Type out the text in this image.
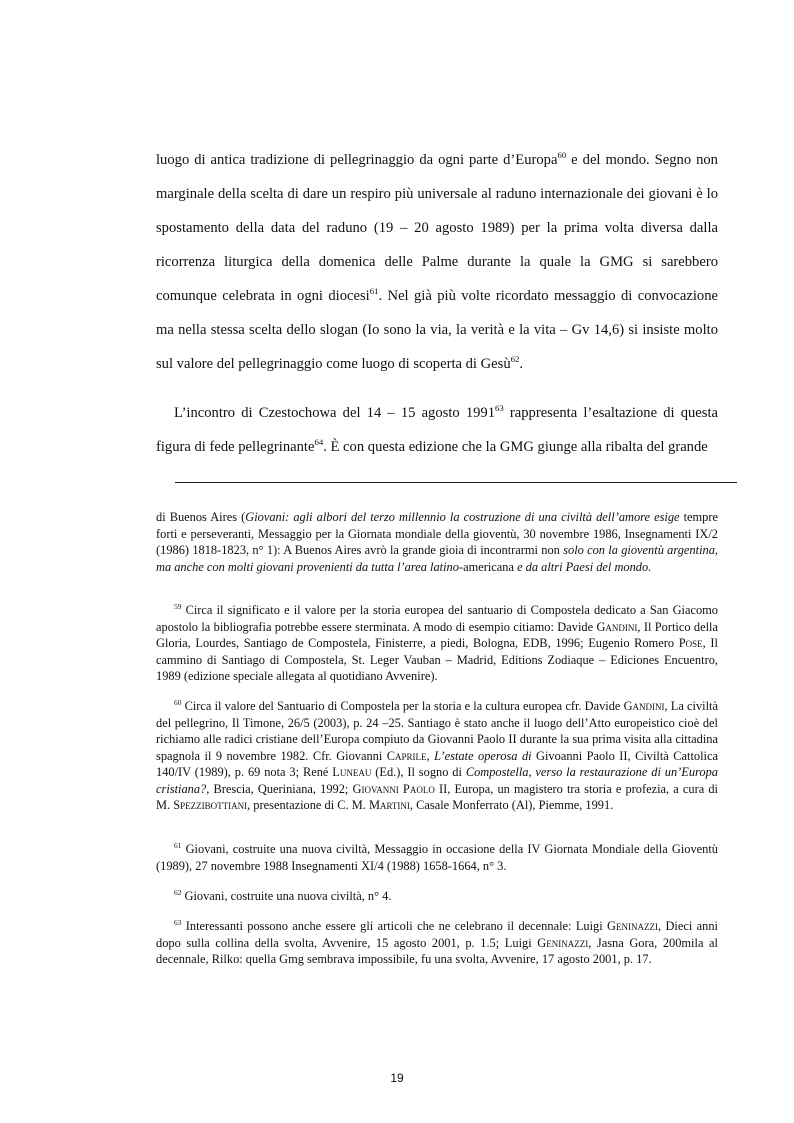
luogo di antica tradizione di pellegrinaggio da ogni parte d’Europa$^{60}$ e del mondo. Segno non marginale della scelta di dare un respiro più universale al raduno internazionale dei giovani è lo spostamento della data del raduno (19 – 20 agosto 1989) per la prima volta diversa dalla ricorrenza liturgica della domenica delle Palme durante la quale la GMG si sarebbero comunque celebrata in ogni diocesi$^{61}$. Nel già più volte ricordato messaggio di convocazione ma nella stessa scelta dello slogan (Io sono la via, la verità e la vita – Gv 14,6) si insiste molto sul valore del pellegrinaggio come luogo di scoperta di Gesù$^{62}$.

L’incontro di Czestochowa del 14 – 15 agosto 1991$^{63}$ rappresenta l’esaltazione di questa figura di fede pellegrinante$^{64}$. È con questa edizione che la GMG giunge alla ribalta del grande

di Buenos Aires (Giovani: agli albori del terzo millennio la costruzione di una civiltà dell’amore esige tempre forti e perseveranti, Messaggio per la Giornata mondiale della gioventù, 30 novembre 1986, Insegnamenti IX/2 (1986) 1818-1823, n° 1): A Buenos Aires avrò la grande gioia di incontrarmi non solo con la gioventù argentina, ma anche con molti giovani provenienti da tutta l’area latino-americana e da altri Paesi del mondo.

$^{59}$ Circa il significato e il valore per la storia europea del santuario di Compostela dedicato a San Giacomo apostolo la bibliografia potrebbe essere sterminata. A modo di esempio citiamo: Davide Gandini, Il Portico della Gloria, Lourdes, Santiago de Compostela, Finisterre, a piedi, Bologna, EDB, 1996; Eugenio Romero Pose, Il cammino di Santiago di Compostela, St. Leger Vauban – Madrid, Editions Zodiaque – Ediciones Encuentro, 1989 (edizione speciale allegata al quotidiano Avvenire).

$^{60}$ Circa il valore del Santuario di Compostela per la storia e la cultura europea cfr. Davide Gandini, La civiltà del pellegrino, Il Timone, 26/5 (2003), p. 24 –25. Santiago è stato anche il luogo dell’Atto europeistico cioè del richiamo alle radici cristiane dell’Europa compiuto da Giovanni Paolo II durante la sua prima visita alla cittadina spagnola il 9 novembre 1982. Cfr. Giovanni Caprile, L’estate operosa di Givoanni Paolo II, Civiltà Cattolica 140/IV (1989), p. 69 nota 3; René Luneau (Ed.), Il sogno di Compostella, verso la restaurazione di un’Europa cristiana?, Brescia, Queriniana, 1992; Giovanni Paolo II, Europa, un magistero tra storia e profezia, a cura di M. Spezzibottiani, presentazione di C. M. Martini, Casale Monferrato (Al), Piemme, 1991.

$^{61}$ Giovani, costruite una nuova civiltà, Messaggio in occasione della IV Giornata Mondiale della Gioventù (1989), 27 novembre 1988 Insegnamenti XI/4 (1988) 1658-1664, n° 3.

$^{62}$ Giovani, costruite una nuova civiltà, n° 4.

$^{63}$ Interessanti possono anche essere gli articoli che ne celebrano il decennale: Luigi Geninazzi, Dieci anni dopo sulla collina della svolta, Avvenire, 15 agosto 2001, p. 1.5; Luigi Geninazzi, Jasna Gora, 200mila al decennale, Rilko: quella Gmg sembrava impossibile, fu una svolta, Avvenire, 17 agosto 2001, p. 17.

19
